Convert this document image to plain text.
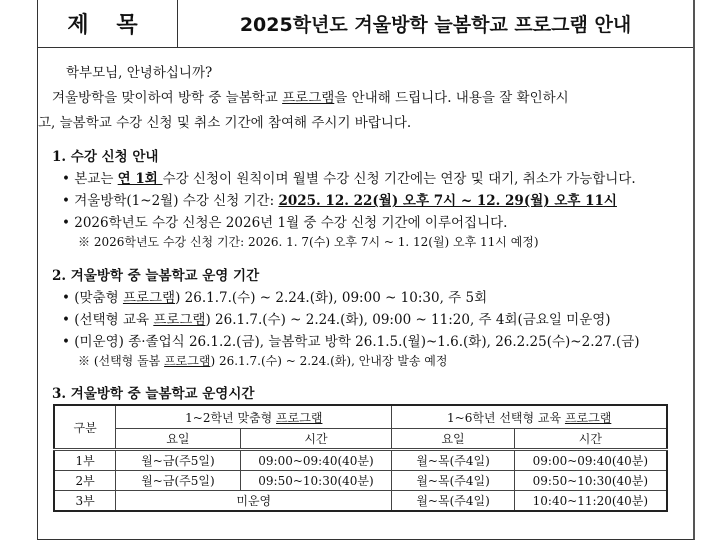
제 목	2025학년도 겨울방학 늘봄학교 프로그램 안내
학부모님, 안녕하십니까?
겨울방학을 맞이하여 방학 중 늘봄학교 프로그램을 안내해 드립니다. 내용을 잘 확인하시
고, 늘봄학교 수강 신청 및 취소 기간에 참여해 주시기 바랍니다.
1. 수강 신청 안내
• 본교는 연 1회 수강 신청이 원칙이며 월별 수강 신청 기간에는 연장 및 대기, 취소가 가능합니다.
• 겨울방학(1~2월) 수강 신청 기간: 2025. 12. 22(월) 오후 7시 ~ 12. 29(월) 오후 11시
• 2026학년도 수강 신청은 2026년 1월 중 수강 신청 기간에 이루어집니다.
※ 2026학년도 수강 신청 기간: 2026. 1. 7(수) 오후 7시 ~ 1. 12(월) 오후 11시 예정)
2. 겨울방학 중 늘봄학교 운영 기간
• (맞춤형 프로그램) 26.1.7.(수) ~ 2.24.(화), 09:00 ~ 10:30, 주 5회
• (선택형 교육 프로그램) 26.1.7.(수) ~ 2.24.(화), 09:00 ~ 11:20, 주 4회(금요일 미운영)
• (미운영) 종·졸업식 26.1.2.(금), 늘봄학교 방학 26.1.5.(월)~1.6.(화), 26.2.25(수)~2.27.(금)
※ (선택형 돌봄 프로그램) 26.1.7.(수) ~ 2.24.(화), 안내장 발송 예정
3. 겨울방학 중 늘봄학교 운영시간
구분	1~2학년 맞춤형 프로그램		1~6학년 선택형 교육 프로그램	
	요일	시간	요일	시간
1부	월~금(주5일)	09:00~09:40(40분)	월~목(주4일)	09:00~09:40(40분)
2부	월~금(주5일)	09:50~10:30(40분)	월~목(주4일)	09:50~10:30(40분)
3부	미운영		월~목(주4일)	10:40~11:20(40분)
